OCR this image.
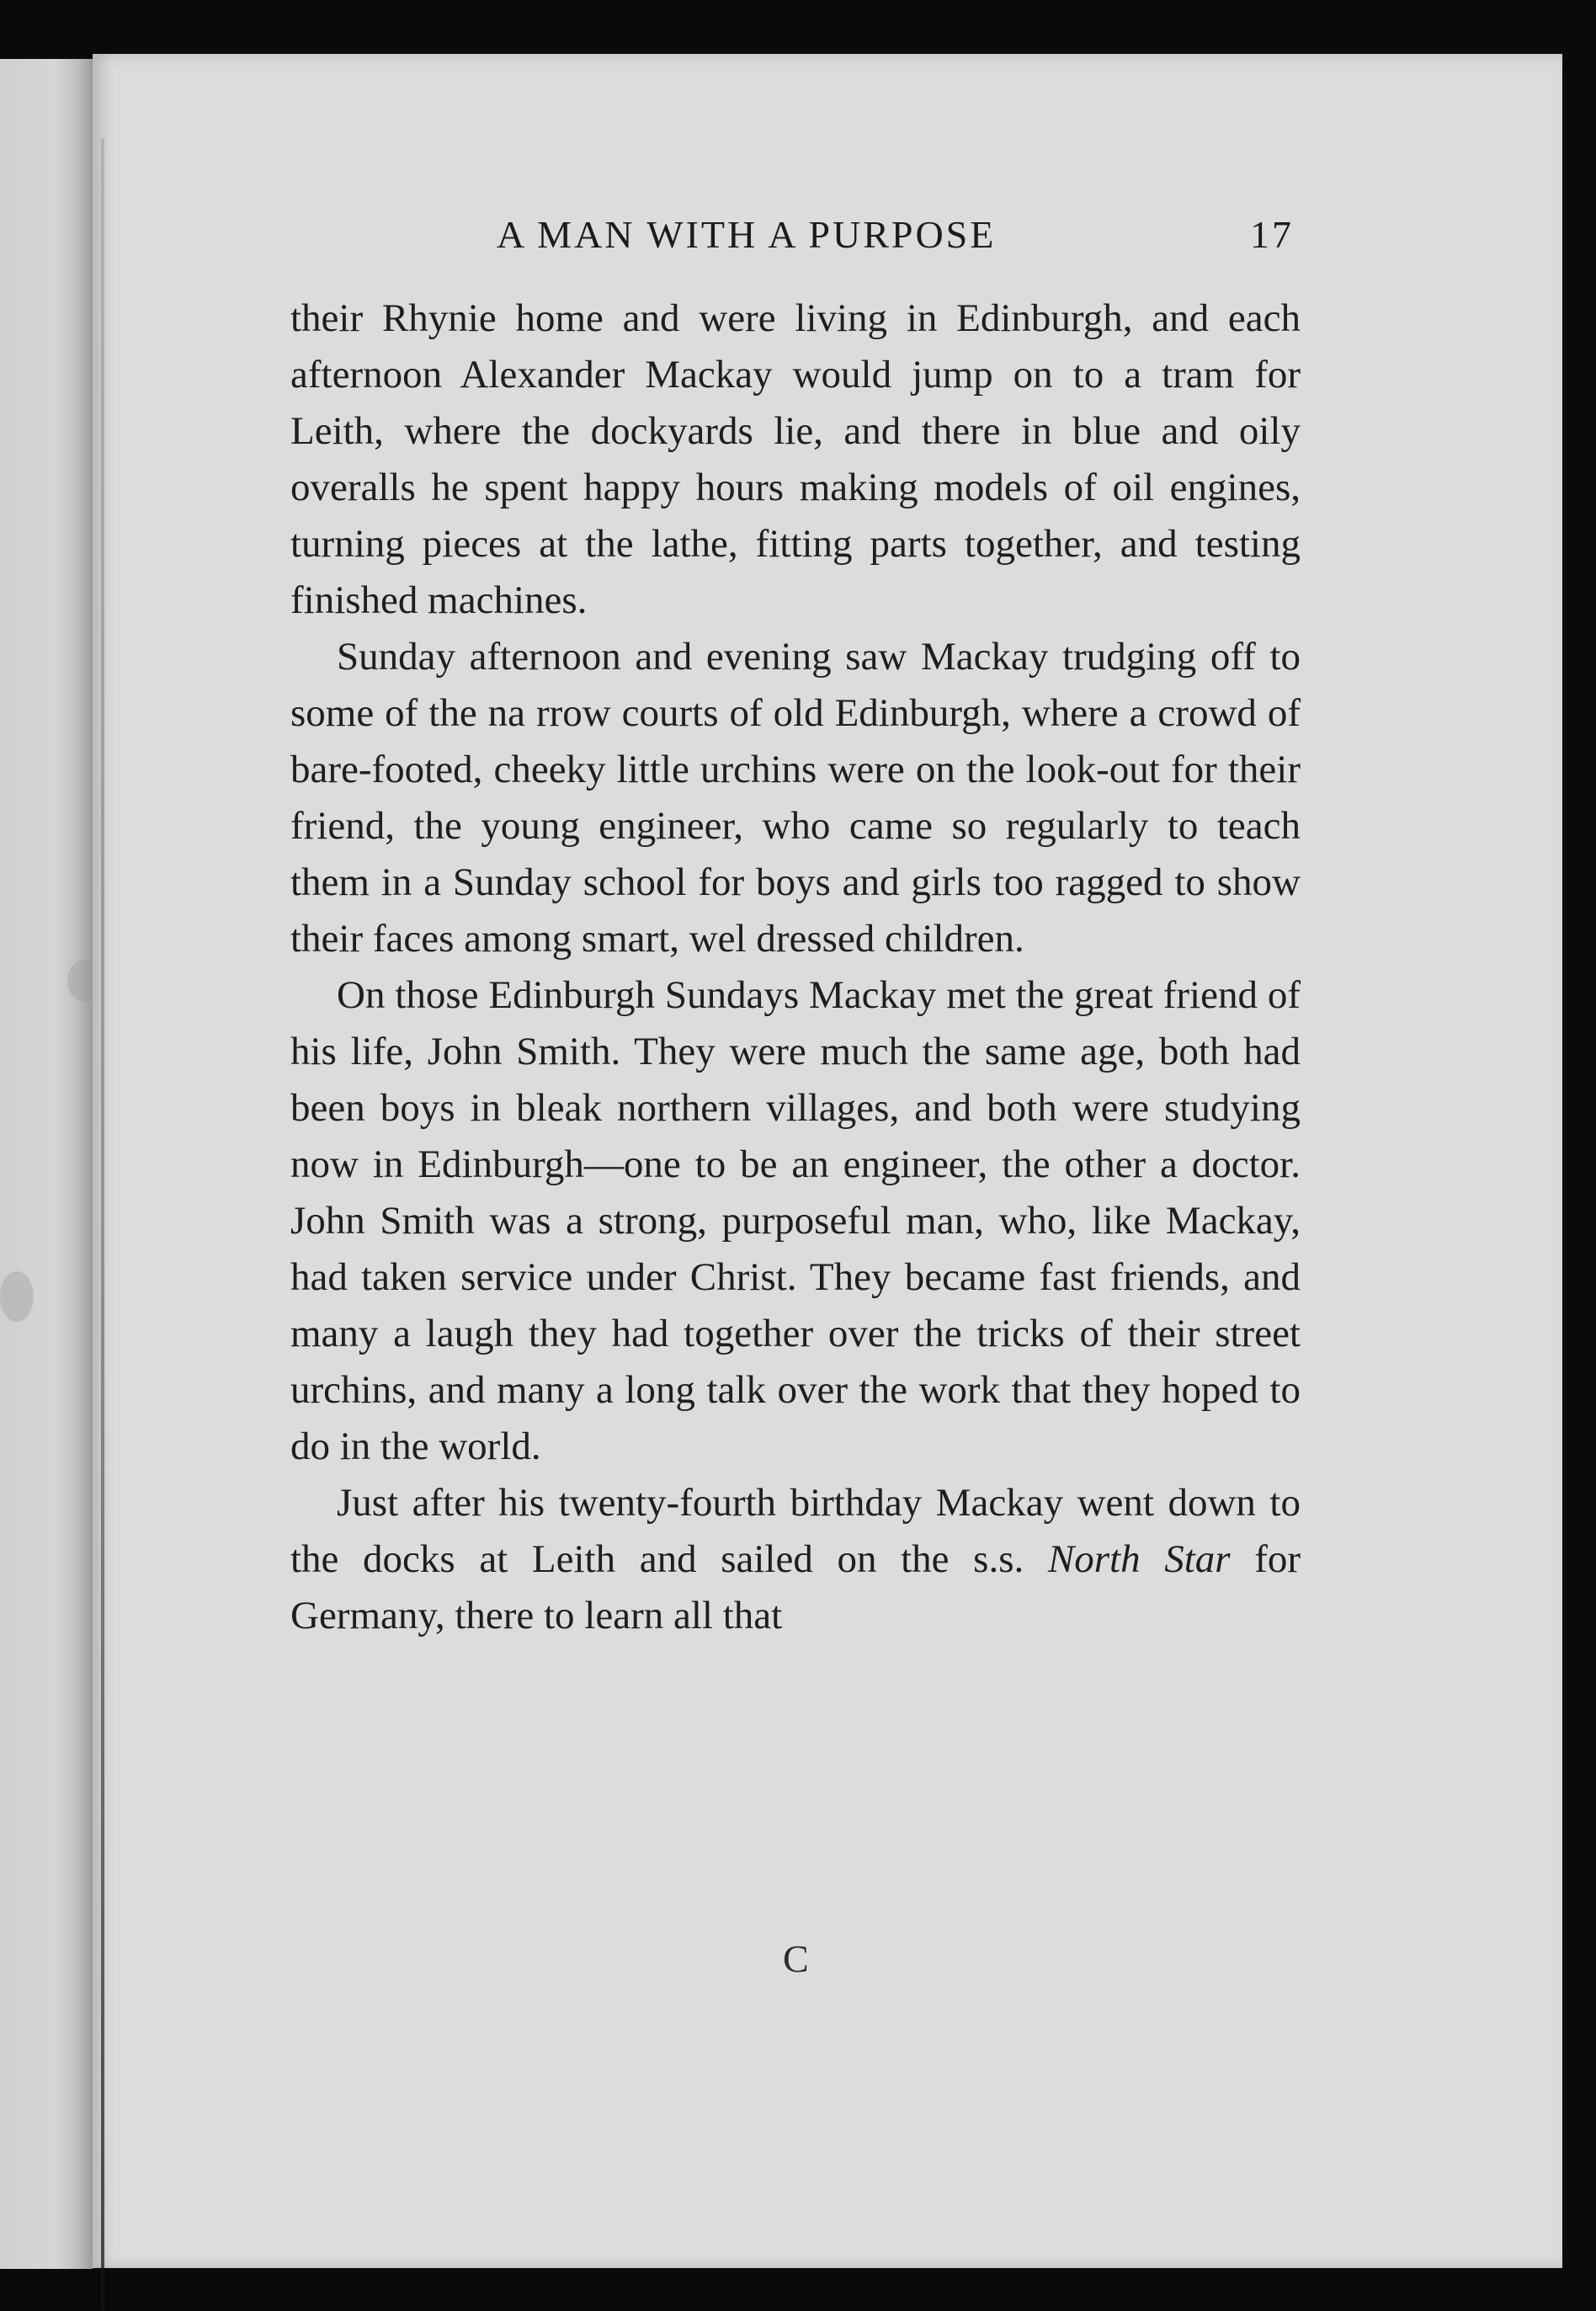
A MAN WITH A PURPOSE	17

their Rhynie home and were living in Edinburgh, and each afternoon Alexander Mackay would jump on to a tram for Leith, where the dockyards lie, and there in blue and oily overalls he spent happy hours making models of oil engines, turning pieces at the lathe, fitting parts together, and testing finished machines.

Sunday afternoon and evening saw Mackay trudging off to some of the na rrow courts of old Edinburgh, where a crowd of bare-footed, cheeky little urchins were on the look-out for their friend, the young engineer, who came so regularly to teach them in a Sunday school for boys and girls too ragged to show their faces among smart, wel dressed children.

On those Edinburgh Sundays Mackay met the great friend of his life, John Smith. They were much the same age, both had been boys in bleak northern villages, and both were studying now in Edinburgh—one to be an engineer, the other a doctor. John Smith was a strong, purposeful man, who, like Mackay, had taken service under Christ. They became fast friends, and many a laugh they had together over the tricks of their street urchins, and many a long talk over the work that they hoped to do in the world.

Just after his twenty-fourth birthday Mackay went down to the docks at Leith and sailed on the s.s. North Star for Germany, there to learn all that

C
